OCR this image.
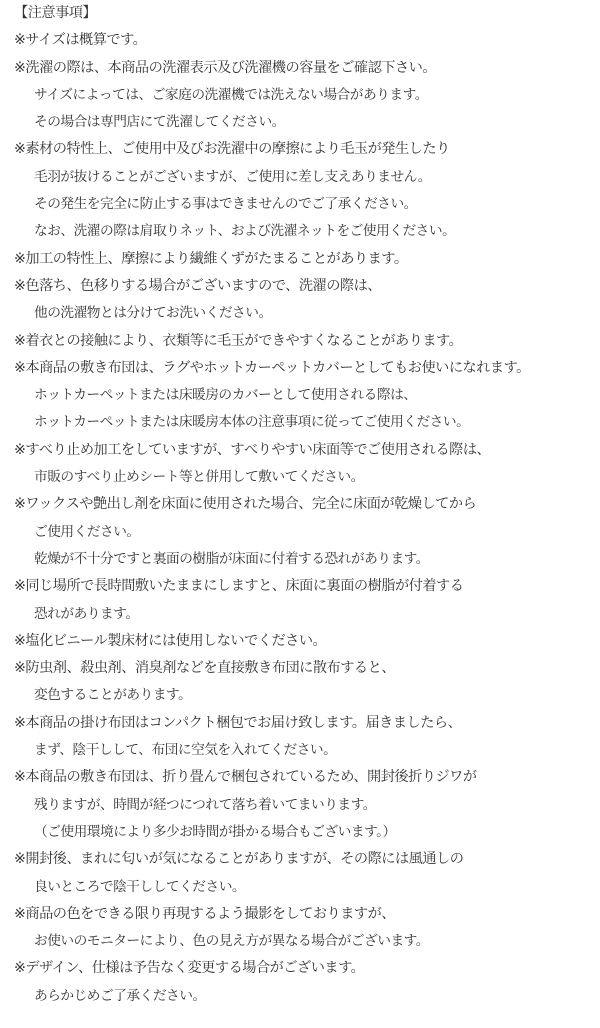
【注意事項】
※サイズは概算です。
※洗濯の際は、本商品の洗濯表示及び洗濯機の容量をご確認下さい。
サイズによっては、ご家庭の洗濯機では洗えない場合があります。
その場合は専門店にて洗濯してください。
※素材の特性上、ご使用中及びお洗濯中の摩擦により毛玉が発生したり
毛羽が抜けることがございますが、ご使用に差し支えありません。
その発生を完全に防止する事はできませんのでご了承ください。
なお、洗濯の際は肩取りネット、および洗濯ネットをご使用ください。
※加工の特性上、摩擦により繊維くずがたまることがあります。
※色落ち、色移りする場合がございますので、洗濯の際は、
他の洗濯物とは分けてお洗いください。
※着衣との接触により、衣類等に毛玉ができやすくなることがあります。
※本商品の敷き布団は、ラグやホットカーペットカバーとしてもお使いになれます。
ホットカーペットまたは床暖房のカバーとして使用される際は、
ホットカーペットまたは床暖房本体の注意事項に従ってご使用ください。
※すべり止め加工をしていますが、すべりやすい床面等でご使用される際は、
市販のすべり止めシート等と併用して敷いてください。
※ワックスや艶出し剤を床面に使用された場合、完全に床面が乾燥してから
ご使用ください。
乾燥が不十分ですと裏面の樹脂が床面に付着する恐れがあります。
※同じ場所で長時間敷いたままにしますと、床面に裏面の樹脂が付着する
恐れがあります。
※塩化ビニール製床材には使用しないでください。
※防虫剤、殺虫剤、消臭剤などを直接敷き布団に散布すると、
変色することがあります。
※本商品の掛け布団はコンパクト梱包でお届け致します。届きましたら、
まず、陰干しして、布団に空気を入れてください。
※本商品の敷き布団は、折り畳んで梱包されているため、開封後折りジワが
残りますが、時間が経つにつれて落ち着いてまいります。
（ご使用環境により多少お時間が掛かる場合もございます。）
※開封後、まれに匂いが気になることがありますが、その際には風通しの
良いところで陰干ししてください。
※商品の色をできる限り再現するよう撮影をしておりますが、
お使いのモニターにより、色の見え方が異なる場合がございます。
※デザイン、仕様は予告なく変更する場合がございます。
あらかじめご了承ください。
